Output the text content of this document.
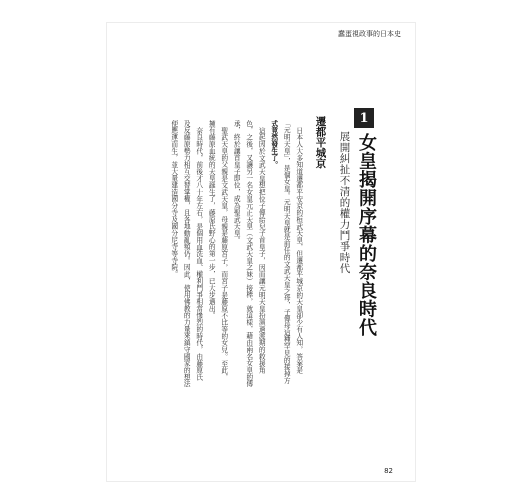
蠢蛋視政事的日本史
1

女皇揭開序幕的奈良時代

展開糾扯不清的權力鬥爭時代

遷都平城京

日本人大多知道遷都平安京的桓武天皇，但遷都平城京的天皇卻少有人知，答案是

「元明天皇」，是個女皇。元明天皇就是前任的文武天皇之母，子傳母這種罕見的接掉方

式竟然發生了。

這起因於文武天皇想把位子傳給兒子首皇子，因而讓元明天皇扮演過渡期的救援角

色，之後，又讓另一名女皇元正天皇（文武天皇之妹）接棒，就這樣，藉由兩名女皇的傳

承，終於讓首皇子即位，成為聖武天皇。

聖武天皇的父親是文武天皇，母親是藤原宮子，而宮子是藤原不比等的女兒。至此，

擁有藤原血統的天皇誕生了，藤原氏野心的第一步，已大步邁出。

奈良時代，前後才八十年左右，是個用血洗血、權利鬥爭相當慘烈的時代，由藤原氏

及反藤原勢力相互交替掌權，且各地動亂頻仍。因此，使用佛教的力量來鎮守國家的想法

便應運而生，並大量建造國分寺及國分尼寺等寺院。

82
